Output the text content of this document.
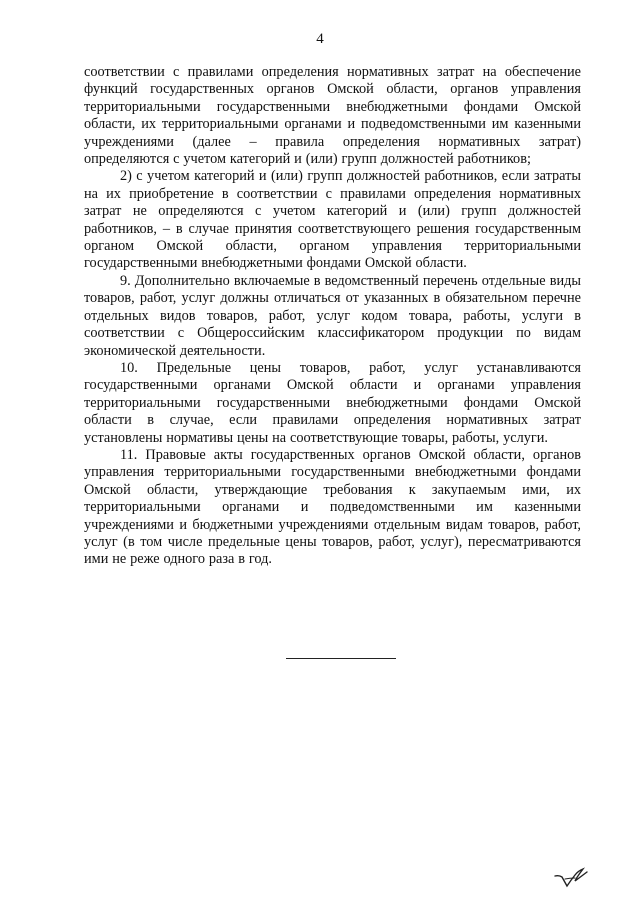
4

соответствии с правилами определения нормативных затрат на обеспечение функций государственных органов Омской области, органов управления территориальными государственными внебюджетными фондами Омской области, их территориальными органами и подведомственными им казенными учреждениями (далее – правила определения нормативных затрат) определяются с учетом категорий и (или) групп должностей работников;

2) с учетом категорий и (или) групп должностей работников, если затраты на их приобретение в соответствии с правилами определения нормативных затрат не определяются с учетом категорий и (или) групп должностей работников, – в случае принятия соответствующего решения государственным органом Омской области, органом управления территориальными государственными внебюджетными фондами Омской области.

9. Дополнительно включаемые в ведомственный перечень отдельные виды товаров, работ, услуг должны отличаться от указанных в обязательном перечне отдельных видов товаров, работ, услуг кодом товара, работы, услуги в соответствии с Общероссийским классификатором продукции по видам экономической деятельности.

10. Предельные цены товаров, работ, услуг устанавливаются государственными органами Омской области и органами управления территориальными государственными внебюджетными фондами Омской области в случае, если правилами определения нормативных затрат установлены нормативы цены на соответствующие товары, работы, услуги.

11. Правовые акты государственных органов Омской области, органов управления территориальными государственными внебюджетными фондами Омской области, утверждающие требования к закупаемым ими, их территориальными органами и подведомственными им казенными учреждениями и бюджетными учреждениями отдельным видам товаров, работ, услуг (в том числе предельные цены товаров, работ, услуг), пересматриваются ими не реже одного раза в год.
